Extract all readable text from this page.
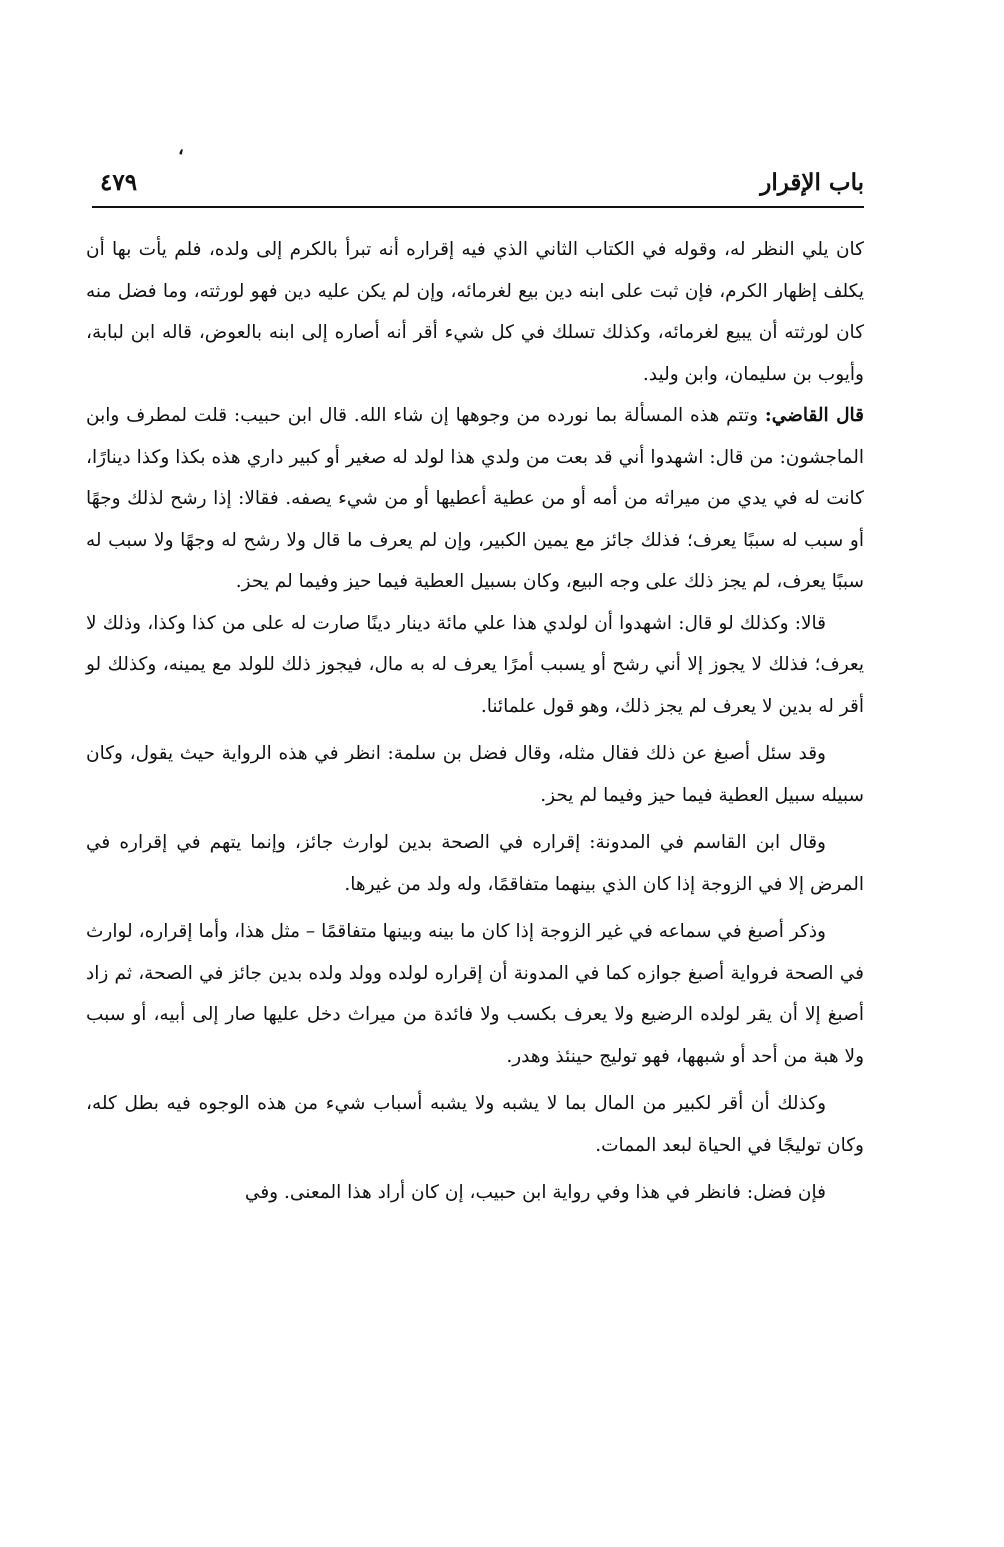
،
باب الإقرار
٤٧٩

كان يلي النظر له، وقوله في الكتاب الثاني الذي فيه إقراره أنه تبرأ بالكرم إلى ولده، فلم يأت بها أن يكلف إظهار الكرم، فإن ثبت على ابنه دين بيع لغرمائه، وإن لم يكن عليه دين فهو لورثته، وما فضل منه كان لورثته أن يبيع لغرمائه، وكذلك تسلك في كل شيء أقر أنه أصاره إلى ابنه بالعوض، قاله ابن لبابة، وأيوب بن سليمان، وابن وليد.

قال القاضي: وتتم هذه المسألة بما نورده من وجوهها إن شاء الله. قال ابن حبيب: قلت لمطرف وابن الماجشون: من قال: اشهدوا أني قد بعت من ولدي هذا لولد له صغير أو كبير داري هذه بكذا وكذا دينارًا، كانت له في يدي من ميراثه من أمه أو من عطية أعطيها أو من شيء يصفه. فقالا: إذا رشح لذلك وجهًا أو سبب له سببًا يعرف؛ فذلك جائز مع يمين الكبير، وإن لم يعرف ما قال ولا رشح له وجهًا ولا سبب له سببًا يعرف، لم يجز ذلك على وجه البيع، وكان بسبيل العطية فيما حيز وفيما لم يحز.

قالا: وكذلك لو قال: اشهدوا أن لولدي هذا علي مائة دينار دينًا صارت له على من كذا وكذا، وذلك لا يعرف؛ فذلك لا يجوز إلا أني رشح أو يسبب أمرًا يعرف له به مال، فيجوز ذلك للولد مع يمينه، وكذلك لو أقر له بدين لا يعرف لم يجز ذلك، وهو قول علمائنا.

وقد سئل أصبغ عن ذلك فقال مثله، وقال فضل بن سلمة: انظر في هذه الرواية حيث يقول، وكان سبيله سبيل العطية فيما حيز وفيما لم يحز.

وقال ابن القاسم في المدونة: إقراره في الصحة بدين لوارث جائز، وإنما يتهم في إقراره في المرض إلا في الزوجة إذا كان الذي بينهما متفاقمًا، وله ولد من غيرها.

وذكر أصبغ في سماعه في غير الزوجة إذا كان ما بينه وبينها متفاقمًا – مثل هذا، وأما إقراره، لوارث في الصحة فرواية أصبغ جوازه كما في المدونة أن إقراره لولده وولد ولده بدين جائز في الصحة، ثم زاد أصبغ إلا أن يقر لولده الرضيع ولا يعرف بكسب ولا فائدة من ميراث دخل عليها صار إلى أبيه، أو سبب ولا هبة من أحد أو شبهها، فهو توليج حينئذ وهدر.

وكذلك أن أقر لكبير من المال بما لا يشبه ولا يشبه أسباب شيء من هذه الوجوه فيه بطل كله، وكان توليجًا في الحياة لبعد الممات.

فإن فضل: فانظر في هذا وفي رواية ابن حبيب، إن كان أراد هذا المعنى. وفي
